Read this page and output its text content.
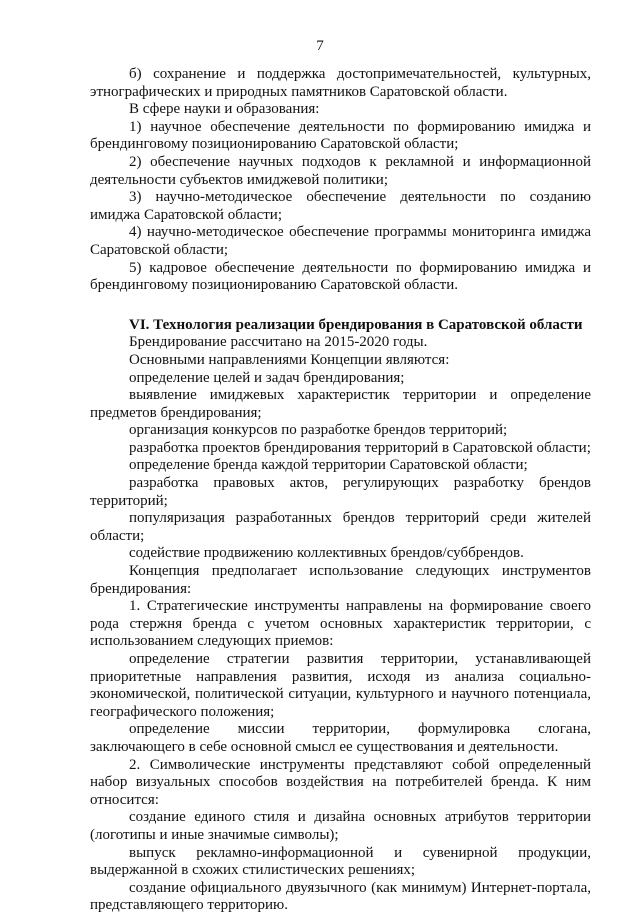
7

б) сохранение и поддержка достопримечательностей, культурных, этнографических и природных памятников Саратовской области.

В сфере науки и образования:

1) научное обеспечение деятельности по формированию имиджа и брендинговому позиционированию Саратовской области;

2) обеспечение научных подходов к рекламной и информационной деятельности субъектов имиджевой политики;

3) научно-методическое обеспечение деятельности по созданию имиджа Саратовской области;

4) научно-методическое обеспечение программы мониторинга имиджа Саратовской области;

5) кадровое обеспечение деятельности по формированию имиджа и брендинговому позиционированию Саратовской области.

VI. Технология реализации брендирования в Саратовской области

Брендирование рассчитано на 2015-2020 годы.

Основными направлениями Концепции являются:

определение целей и задач брендирования;

выявление имиджевых характеристик территории и определение предметов брендирования;

организация конкурсов по разработке брендов территорий;

разработка проектов брендирования территорий в Саратовской области;

определение бренда каждой территории Саратовской области;

разработка правовых актов, регулирующих разработку брендов территорий;

популяризация разработанных брендов территорий среди жителей области;

содействие продвижению коллективных брендов/суббрендов.

Концепция предполагает использование следующих инструментов брендирования:

1. Стратегические инструменты направлены на формирование своего рода стержня бренда с учетом основных характеристик территории, с использованием следующих приемов:

определение стратегии развития территории, устанавливающей приоритетные направления развития, исходя из анализа социально-экономической, политической ситуации, культурного и научного потенциала, географического положения;

определение миссии территории, формулировка слогана, заключающего в себе основной смысл ее существования и деятельности.

2. Символические инструменты представляют собой определенный набор визуальных способов воздействия на потребителей бренда. К ним относится:

создание единого стиля и дизайна основных атрибутов территории (логотипы и иные значимые символы);

выпуск рекламно-информационной и сувенирной продукции, выдержанной в схожих стилистических решениях;

создание официального двуязычного (как минимум) Интернет-портала, представляющего территорию.
